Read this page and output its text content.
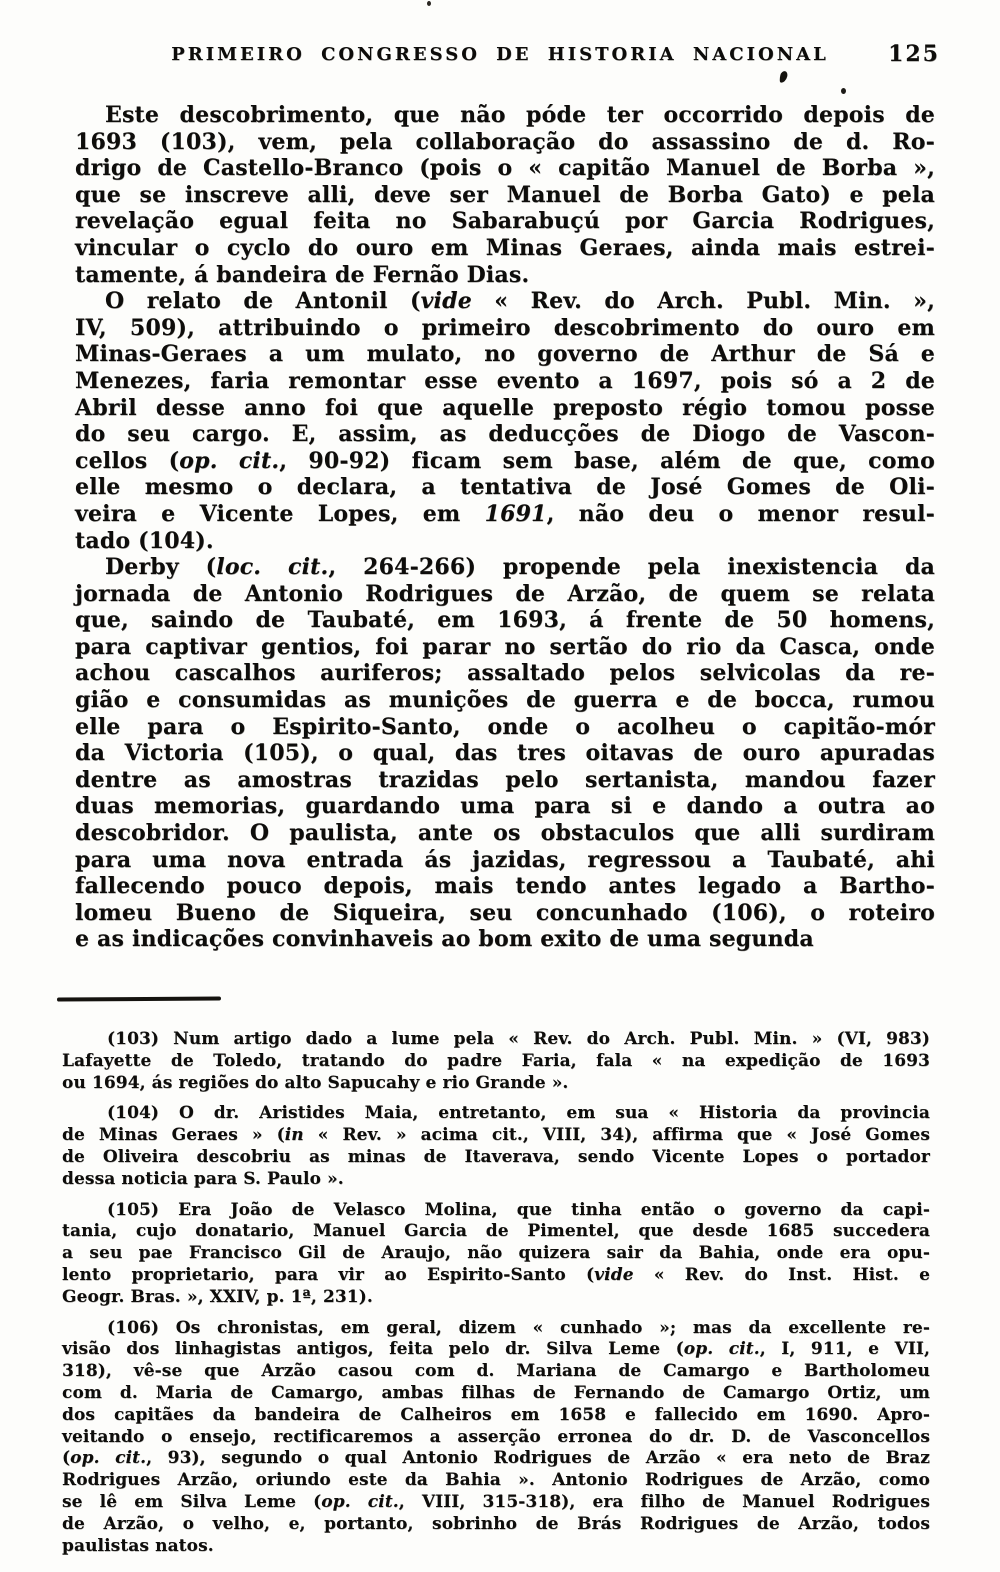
PRIMEIRO CONGRESSO DE HISTORIA NACIONAL	125
Este descobrimento, que não póde ter occorrido depois de
1693 (103), vem, pela collaboração do assassino de d. Ro-
drigo de Castello-Branco (pois o « capitão Manuel de Borba »,
que se inscreve alli, deve ser Manuel de Borba Gato) e pela
revelação egual feita no Sabarabuçú por Garcia Rodrigues,
vincular o cyclo do ouro em Minas Geraes, ainda mais estrei-
tamente, á bandeira de Fernão Dias.
O relato de Antonil (vide « Rev. do Arch. Publ. Min. »,
IV, 509), attribuindo o primeiro descobrimento do ouro em
Minas-Geraes a um mulato, no governo de Arthur de Sá e
Menezes, faria remontar esse evento a 1697, pois só a 2 de
Abril desse anno foi que aquelle preposto régio tomou posse
do seu cargo. E, assim, as deducções de Diogo de Vascon-
cellos (op. cit., 90-92) ficam sem base, além de que, como
elle mesmo o declara, a tentativa de José Gomes de Oli-
veira e Vicente Lopes, em 1691, não deu o menor resul-
tado (104).
Derby (loc. cit., 264-266) propende pela inexistencia da
jornada de Antonio Rodrigues de Arzão, de quem se relata
que, saindo de Taubaté, em 1693, á frente de 50 homens,
para captivar gentios, foi parar no sertão do rio da Casca, onde
achou cascalhos auriferos; assaltado pelos selvicolas da re-
gião e consumidas as munições de guerra e de bocca, rumou
elle para o Espirito-Santo, onde o acolheu o capitão-mór
da Victoria (105), o qual, das tres oitavas de ouro apuradas
dentre as amostras trazidas pelo sertanista, mandou fazer
duas memorias, guardando uma para si e dando a outra ao
descobridor. O paulista, ante os obstaculos que alli surdiram
para uma nova entrada ás jazidas, regressou a Taubaté, ahi
fallecendo pouco depois, mais tendo antes legado a Bartho-
lomeu Bueno de Siqueira, seu concunhado (106), o roteiro
e as indicações convinhaveis ao bom exito de uma segunda
(103) Num artigo dado a lume pela « Rev. do Arch. Publ. Min. » (VI, 983)
Lafayette de Toledo, tratando do padre Faria, fala « na expedição de 1693
ou 1694, ás regiões do alto Sapucahy e rio Grande ».
(104) O dr. Aristides Maia, entretanto, em sua « Historia da provincia
de Minas Geraes » (in « Rev. » acima cit., VIII, 34), affirma que « José Gomes
de Oliveira descobriu as minas de Itaverava, sendo Vicente Lopes o portador
dessa noticia para S. Paulo ».
(105) Era João de Velasco Molina, que tinha então o governo da capi-
tania, cujo donatario, Manuel Garcia de Pimentel, que desde 1685 succedera
a seu pae Francisco Gil de Araujo, não quizera sair da Bahia, onde era opu-
lento proprietario, para vir ao Espirito-Santo (vide « Rev. do Inst. Hist. e
Geogr. Bras. », XXIV, p. 1ª, 231).
(106) Os chronistas, em geral, dizem « cunhado »; mas da excellente re-
visão dos linhagistas antigos, feita pelo dr. Silva Leme (op. cit., I, 911, e VII,
318), vê-se que Arzão casou com d. Mariana de Camargo e Bartholomeu
com d. Maria de Camargo, ambas filhas de Fernando de Camargo Ortiz, um
dos capitães da bandeira de Calheiros em 1658 e fallecido em 1690. Apro-
veitando o ensejo, rectificaremos a asserção erronea do dr. D. de Vasconcellos
(op. cit., 93), segundo o qual Antonio Rodrigues de Arzão « era neto de Braz
Rodrigues Arzão, oriundo este da Bahia ». Antonio Rodrigues de Arzão, como
se lê em Silva Leme (op. cit., VIII, 315-318), era filho de Manuel Rodrigues
de Arzão, o velho, e, portanto, sobrinho de Brás Rodrigues de Arzão, todos
paulistas natos.
